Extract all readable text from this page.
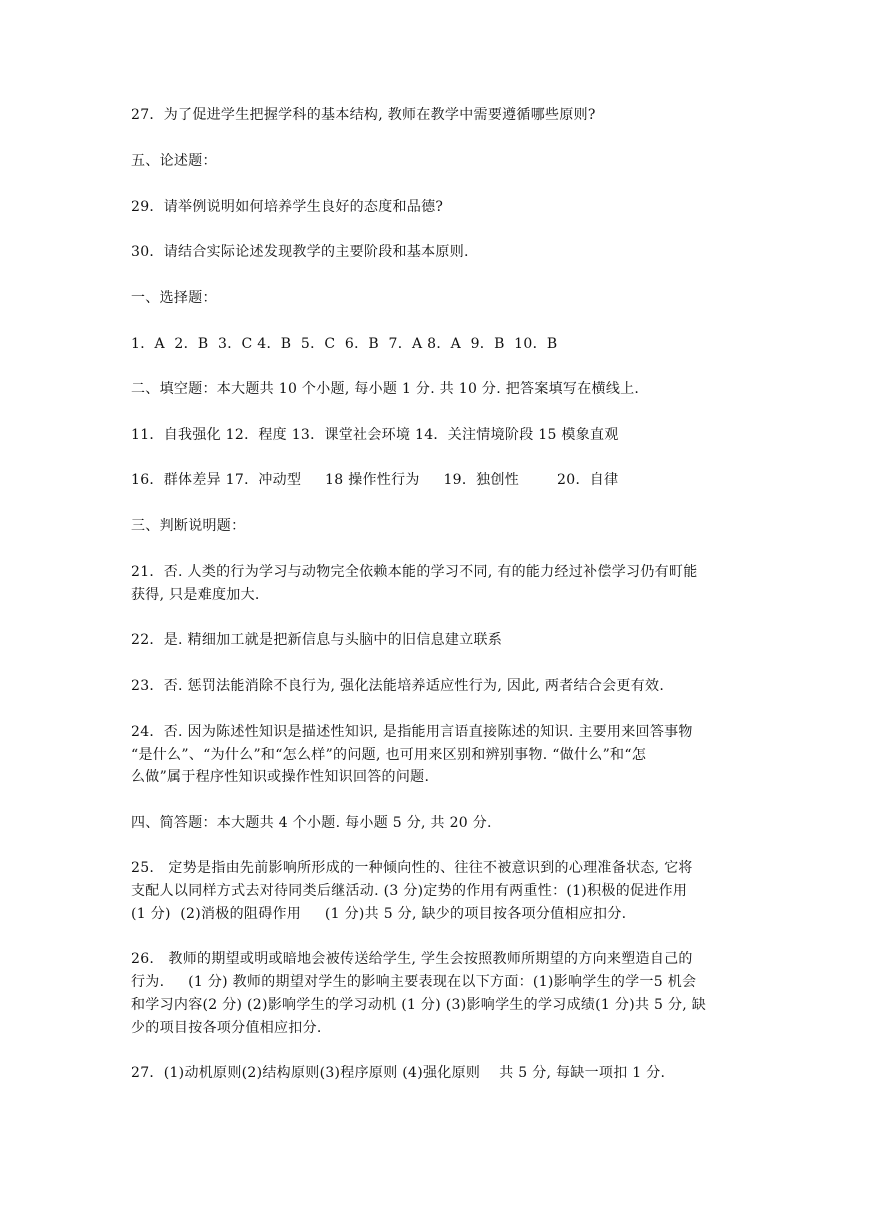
27．为了促进学生把握学科的基本结构, 教师在教学中需要遵循哪些原则?
五、论述题：
29．请举例说明如何培养学生良好的态度和品德?
30．请结合实际论述发现教学的主要阶段和基本原则.
一、选择题：
1．A  2．B  3．C 4．B  5．C  6．B  7．A 8．A  9．B  10．B
二、填空题：本大题共 10 个小题, 每小题 1 分. 共 10 分. 把答案填写在横线上.
11．自我强化 12．程度 13．课堂社会环境 14．关注情境阶段 15 模象直观
16．群体差异 17．冲动型     18 操作性行为     19．独创性        20．自律
三、判断说明题：
21．否. 人类的行为学习与动物完全依赖本能的学习不同, 有的能力经过补偿学习仍有町能
获得, 只是难度加大.
22．是. 精细加工就是把新信息与头脑中的旧信息建立联系
23．否. 惩罚法能消除不良行为, 强化法能培养适应性行为, 因此, 两者结合会更有效.
24．否. 因为陈述性知识是描述性知识, 是指能用言语直接陈述的知识. 主要用来回答事物
“是什么”、“为什么”和“怎么样”的问题, 也可用来区别和辨别事物. “做什么”和“怎
么做”属于程序性知识或操作性知识回答的问题.
四、简答题：本大题共 4 个小题. 每小题 5 分, 共 20 分.
25.   定势是指由先前影响所形成的一种倾向性的、往往不被意识到的心理准备状态, 它将
支配人以同样方式去对待同类后继活动. (3 分)定势的作用有两重性：(1)积极的促进作用
(1 分)  (2)消极的阻碍作用     (1 分)共 5 分, 缺少的项目按各项分值相应扣分.
26.   教师的期望或明或暗地会被传送给学生, 学生会按照教师所期望的方向来塑造自己的
行为.     (1 分) 教师的期望对学生的影响主要表现在以下方面：(1)影响学生的学一5 机会
和学习内容(2 分) (2)影响学生的学习动机 (1 分) (3)影响学生的学习成绩(1 分)共 5 分, 缺
少的项目按各项分值相应扣分.
27．(1)动机原则(2)结构原则(3)程序原则 (4)强化原则    共 5 分, 每缺一项扣 1 分.
